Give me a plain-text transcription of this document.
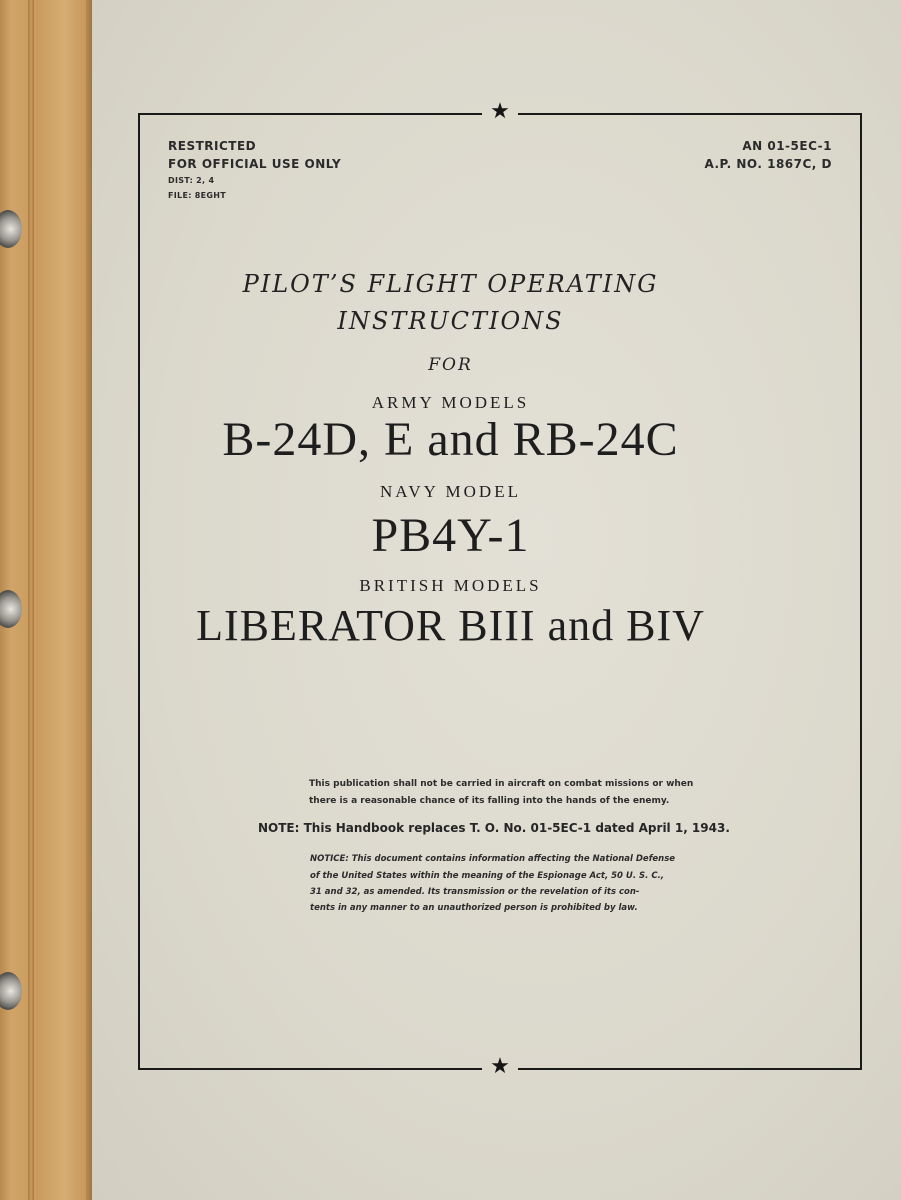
★
★
RESTRICTED
FOR OFFICIAL USE ONLY
DIST: 2, 4
FILE: 8EGHT
AN 01-5EC-1
A.P. NO. 1867C, D
PILOT’S FLIGHT OPERATING
INSTRUCTIONS
FOR
ARMY MODELS
B-24D, E and RB-24C
NAVY MODEL
PB4Y-1
BRITISH MODELS
LIBERATOR BIII and BIV
This publication shall not be carried in aircraft on combat missions or when
there is a reasonable chance of its falling into the hands of the enemy.
NOTE: This Handbook replaces T. O. No. 01-5EC-1 dated April 1, 1943.
NOTICE: This document contains information affecting the National Defense
of the United States within the meaning of the Espionage Act, 50 U. S. C.,
31 and 32, as amended. Its transmission or the revelation of its con-
tents in any manner to an unauthorized person is prohibited by law.
